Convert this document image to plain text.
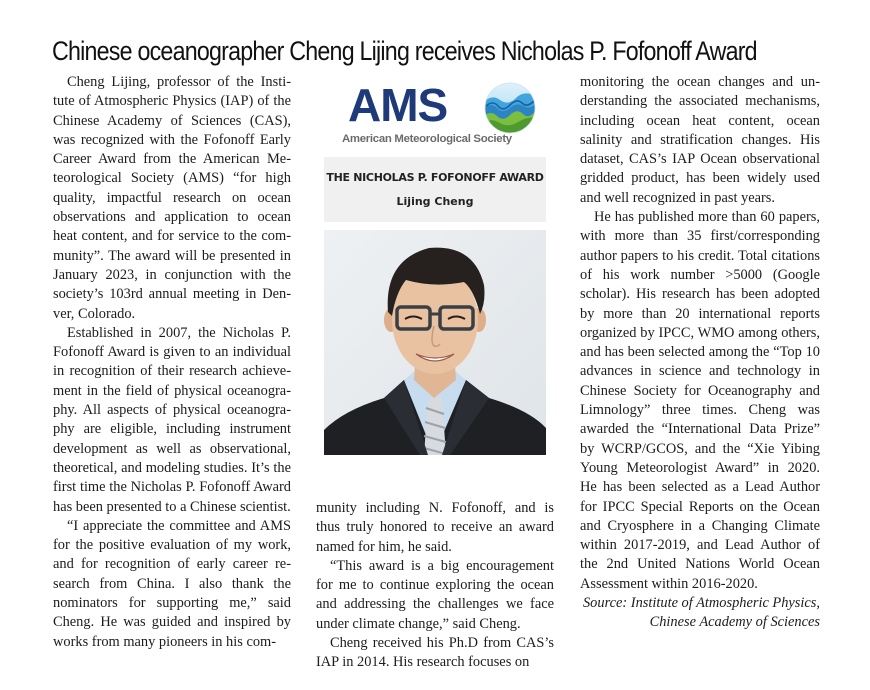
Chinese oceanographer Cheng Lijing receives Nicholas P. Fofonoff Award

Cheng Lijing, professor of the Institute of Atmospheric Physics (IAP) of the Chinese Academy of Sciences (CAS), was recognized with the Fofonoff Early Career Award from the American Meteorological Society (AMS) “for high quality, impactful research on ocean observations and application to ocean heat content, and for service to the community”. The award will be presented in January 2023, in conjunction with the society’s 103rd annual meeting in Denver, Colorado.

Established in 2007, the Nicholas P. Fofonoff Award is given to an individual in recognition of their research achievement in the field of physical oceanography. All aspects of physical oceanography are eligible, including instrument development as well as observational, theoretical, and modeling studies. It’s the first time the Nicholas P. Fofonoff Award has been presented to a Chinese scientist.

“I appreciate the committee and AMS for the positive evaluation of my work, and for recognition of early career research from China. I also thank the nominators for supporting me,” said Cheng. He was guided and inspired by works from many pioneers in his com-

AMS
American Meteorological Society
THE NICHOLAS P. FOFONOFF AWARD
Lijing Cheng

munity including N. Fofonoff, and is thus truly honored to receive an award named for him, he said.

“This award is a big encouragement for me to continue exploring the ocean and addressing the challenges we face under climate change,” said Cheng.

Cheng received his Ph.D from CAS’s IAP in 2014. His research focuses on

monitoring the ocean changes and understanding the associated mechanisms, including ocean heat content, ocean salinity and stratification changes. His dataset, CAS’s IAP Ocean observational gridded product, has been widely used and well recognized in past years.

He has published more than 60 papers, with more than 35 first/corresponding author papers to his credit. Total citations of his work number >5000 (Google scholar). His research has been adopted by more than 20 international reports organized by IPCC, WMO among others, and has been selected among the “Top 10 advances in science and technology in Chinese Society for Oceanography and Limnology” three times. Cheng was awarded the “International Data Prize” by WCRP/GCOS, and the “Xie Yibing Young Meteorologist Award” in 2020. He has been selected as a Lead Author for IPCC Special Reports on the Ocean and Cryosphere in a Changing Climate within 2017-2019, and Lead Author of the 2nd United Nations World Ocean Assessment within 2016-2020.

Source: Institute of Atmospheric Physics,
Chinese Academy of Sciences
